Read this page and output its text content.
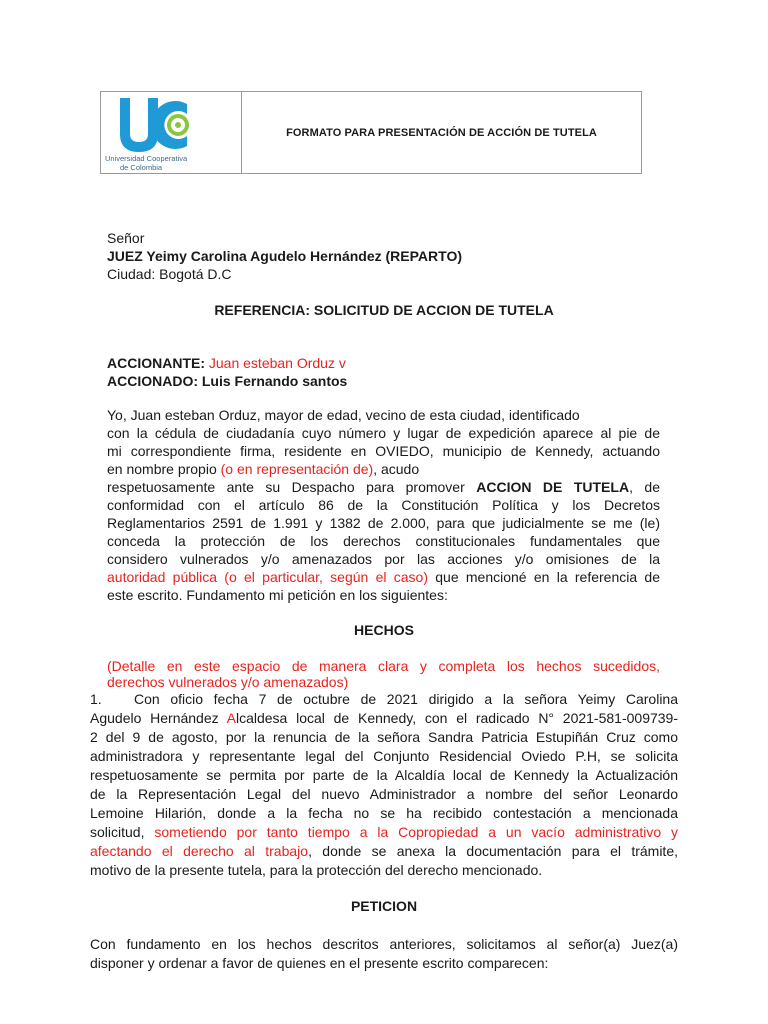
Universidad Cooperativa
de Colombia
FORMATO PARA PRESENTACIÓN DE ACCIÓN DE TUTELA
Señor
JUEZ Yeimy Carolina Agudelo Hernández (REPARTO)
Ciudad: Bogotá D.C
REFERENCIA: SOLICITUD DE ACCION DE TUTELA
ACCIONANTE: Juan esteban Orduz v
ACCIONADO: Luis Fernando santos
Yo, Juan esteban Orduz, mayor de edad, vecino de esta ciudad, identificado
con la cédula de ciudadanía cuyo número y lugar de expedición aparece al pie de
mi correspondiente firma, residente en OVIEDO, municipio de Kennedy, actuando
en nombre propio (o en representación de), acudo
respetuosamente ante su Despacho para promover ACCION DE TUTELA, de
conformidad con el artículo 86 de la Constitución Política y los Decretos
Reglamentarios 2591 de 1.991 y 1382 de 2.000, para que judicialmente se me (le)
conceda la protección de los derechos constitucionales fundamentales que
considero vulnerados y/o amenazados por las acciones y/o omisiones de la
autoridad pública (o el particular, según el caso) que mencioné en la referencia de
este escrito. Fundamento mi petición en los siguientes:
HECHOS
(Detalle en este espacio de manera clara y completa los hechos sucedidos,
derechos vulnerados y/o amenazados)
1. Con oficio fecha 7 de octubre de 2021 dirigido a la señora Yeimy Carolina
Agudelo Hernández Alcaldesa local de Kennedy, con el radicado N° 2021-581-009739-
2 del 9 de agosto, por la renuncia de la señora Sandra Patricia Estupiñán Cruz como
administradora y representante legal del Conjunto Residencial Oviedo P.H, se solicita
respetuosamente se permita por parte de la Alcaldía local de Kennedy la Actualización
de la Representación Legal del nuevo Administrador a nombre del señor Leonardo
Lemoine Hilarión, donde a la fecha no se ha recibido contestación a mencionada
solicitud, sometiendo por tanto tiempo a la Copropiedad a un vacío administrativo y
afectando el derecho al trabajo, donde se anexa la documentación para el trámite,
motivo de la presente tutela, para la protección del derecho mencionado.
PETICION
Con fundamento en los hechos descritos anteriores, solicitamos al señor(a) Juez(a)
disponer y ordenar a favor de quienes en el presente escrito comparecen:
